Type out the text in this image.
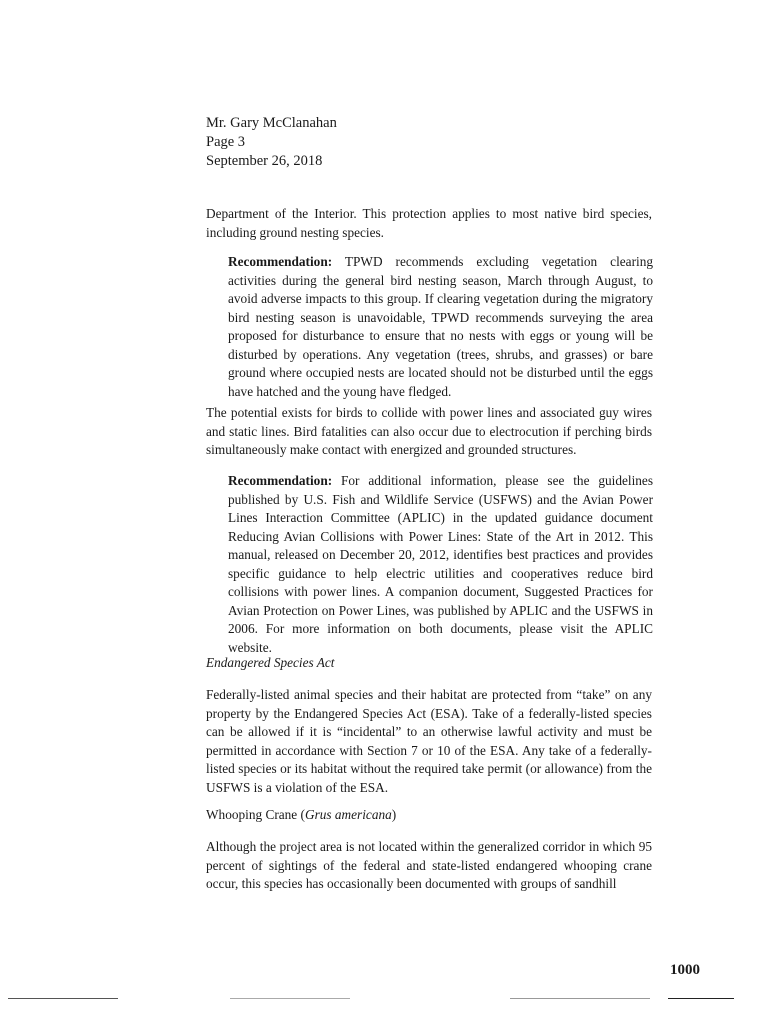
Mr. Gary McClanahan
Page 3
September 26, 2018
Department of the Interior. This protection applies to most native bird species, including ground nesting species.
Recommendation: TPWD recommends excluding vegetation clearing activities during the general bird nesting season, March through August, to avoid adverse impacts to this group. If clearing vegetation during the migratory bird nesting season is unavoidable, TPWD recommends surveying the area proposed for disturbance to ensure that no nests with eggs or young will be disturbed by operations. Any vegetation (trees, shrubs, and grasses) or bare ground where occupied nests are located should not be disturbed until the eggs have hatched and the young have fledged.
The potential exists for birds to collide with power lines and associated guy wires and static lines. Bird fatalities can also occur due to electrocution if perching birds simultaneously make contact with energized and grounded structures.
Recommendation: For additional information, please see the guidelines published by U.S. Fish and Wildlife Service (USFWS) and the Avian Power Lines Interaction Committee (APLIC) in the updated guidance document Reducing Avian Collisions with Power Lines: State of the Art in 2012. This manual, released on December 20, 2012, identifies best practices and provides specific guidance to help electric utilities and cooperatives reduce bird collisions with power lines. A companion document, Suggested Practices for Avian Protection on Power Lines, was published by APLIC and the USFWS in 2006. For more information on both documents, please visit the APLIC website.
Endangered Species Act
Federally-listed animal species and their habitat are protected from “take” on any property by the Endangered Species Act (ESA). Take of a federally-listed species can be allowed if it is “incidental” to an otherwise lawful activity and must be permitted in accordance with Section 7 or 10 of the ESA. Any take of a federally-listed species or its habitat without the required take permit (or allowance) from the USFWS is a violation of the ESA.
Whooping Crane (Grus americana)
Although the project area is not located within the generalized corridor in which 95 percent of sightings of the federal and state-listed endangered whooping crane occur, this species has occasionally been documented with groups of sandhill
1000
